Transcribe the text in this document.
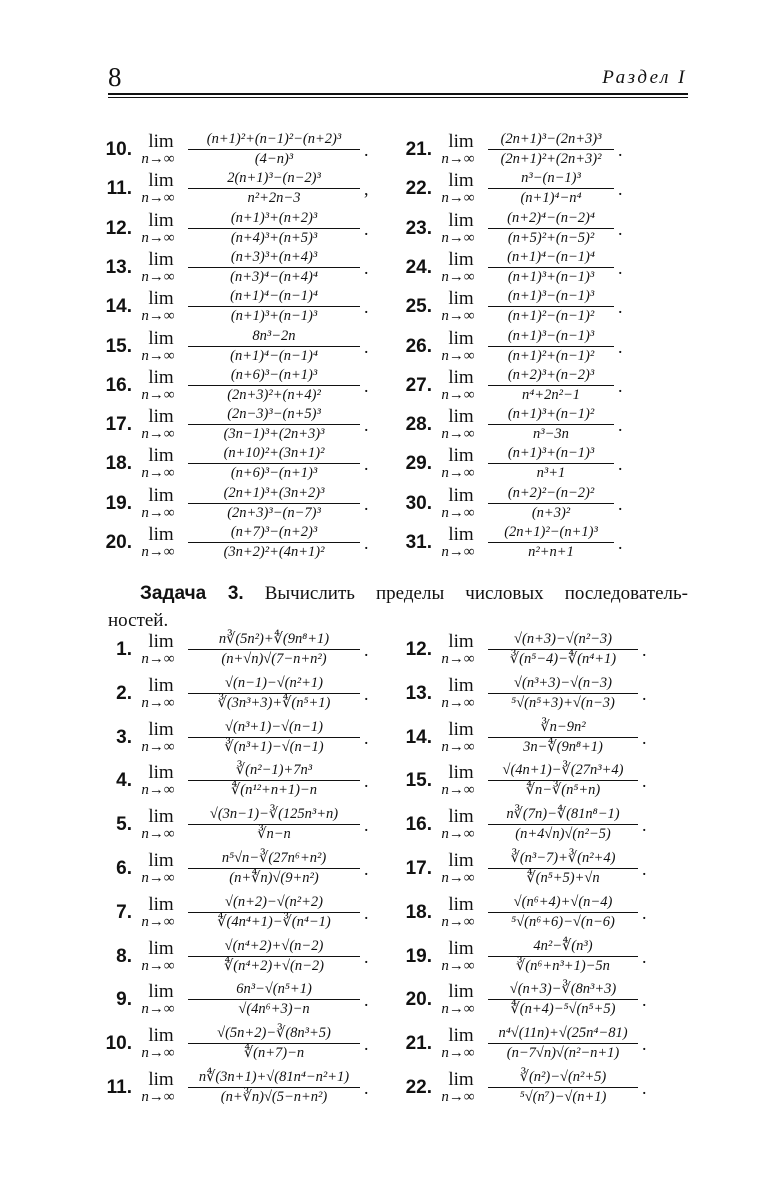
8	Раздел I
10. lim
$n\to\infty \frac{\text{(n+1)²+(n−1)²−(n+2)³}}{\text{(4−n)³}}$ .
11. lim
$n\to\infty \frac{\text{2(n+1)³−(n−2)³}}{\text{n²+2n−3}}$ ,
12. lim
$n\to\infty \frac{\text{(n+1)³+(n+2)³}}{\text{(n+4)³+(n+5)³}}$ .
13. lim
$n\to\infty \frac{\text{(n+3)³+(n+4)³}}{\text{(n+3)⁴−(n+4)⁴}}$ .
14. lim
$n\to\infty \frac{\text{(n+1)⁴−(n−1)⁴}}{\text{(n+1)³+(n−1)³}}$ .
15. lim
$n\to\infty \frac{\text{8n³−2n}}{\text{(n+1)⁴−(n−1)⁴}}$ .
16. lim
$n\to\infty \frac{\text{(n+6)³−(n+1)³}}{\text{(2n+3)²+(n+4)²}}$ .
17. lim
$n\to\infty \frac{\text{(2n−3)³−(n+5)³}}{\text{(3n−1)³+(2n+3)³}}$ .
18. lim
$n\to\infty \frac{\text{(n+10)²+(3n+1)²}}{\text{(n+6)³−(n+1)³}}$ .
19. lim
$n\to\infty \frac{\text{(2n+1)³+(3n+2)³}}{\text{(2n+3)³−(n−7)³}}$ .
20. lim
$n\to\infty \frac{\text{(n+7)³−(n+2)³}}{\text{(3n+2)²+(4n+1)²}}$ .
21. lim
$n\to\infty \frac{\text{(2n+1)³−(2n+3)³}}{\text{(2n+1)²+(2n+3)²}}$ .
22. lim
$n\to\infty \frac{\text{n³−(n−1)³}}{\text{(n+1)⁴−n⁴}}$ .
23. lim
$n\to\infty \frac{\text{(n+2)⁴−(n−2)⁴}}{\text{(n+5)²+(n−5)²}}$ .
24. lim
$n\to\infty \frac{\text{(n+1)⁴−(n−1)⁴}}{\text{(n+1)³+(n−1)³}}$ .
25. lim
$n\to\infty \frac{\text{(n+1)³−(n−1)³}}{\text{(n+1)²−(n−1)²}}$ .
26. lim
$n\to\infty \frac{\text{(n+1)³−(n−1)³}}{\text{(n+1)²+(n−1)²}}$ .
27. lim
$n\to\infty \frac{\text{(n+2)³+(n−2)³}}{\text{n⁴+2n²−1}}$ .
28. lim
$n\to\infty \frac{\text{(n+1)³+(n−1)²}}{\text{n³−3n}}$ .
29. lim
$n\to\infty \frac{\text{(n+1)³+(n−1)³}}{\text{n³+1}}$ .
30. lim
$n\to\infty \frac{\text{(n+2)²−(n−2)²}}{\text{(n+3)²}}$ .
31. lim
$n\to\infty \frac{\text{(2n+1)²−(n+1)³}}{\text{n²+n+1}}$ .
Задача 3. Вычислить пределы числовых последователь-
ностей.
1. lim
$n\to\infty \frac{\text{n∛(5n²)+∜(9n⁸+1)}}{\text{(n+√n)√(7−n+n²)}}$ .
2. lim
$n\to\infty \frac{\text{√(n−1)−√(n²+1)}}{\text{∛(3n³+3)+∜(n⁵+1)}}$ .
3. lim
$n\to\infty \frac{\text{√(n³+1)−√(n−1)}}{\text{∛(n³+1)−√(n−1)}}$ .
4. lim
$n\to\infty \frac{\text{∛(n²−1)+7n³}}{\text{∜(n¹²+n+1)−n}}$ .
5. lim
$n\to\infty \frac{\text{√(3n−1)−∛(125n³+n)}}{∛n-n}$ .
6. lim
$n\to\infty \frac{\text{n⁵√n−∛(27n⁶+n²)}}{\text{(n+∜n)√(9+n²)}}$ .
7. lim
$n\to\infty \frac{\text{√(n+2)−√(n²+2)}}{\text{∜(4n⁴+1)−∛(n⁴−1)}}$ .
8. lim
$n\to\infty \frac{\text{√(n⁴+2)+√(n−2)}}{\text{∜(n⁴+2)+√(n−2)}}$ .
9. lim
$n\to\infty \frac{\text{6n³−√(n⁵+1)}}{\text{√(4n⁶+3)−n}}$ .
10. lim
$n\to\infty \frac{\text{√(5n+2)−∛(8n³+5)}}{∜(n+7)-n}$ .
11. lim
$n\to\infty \frac{\text{n∜(3n+1)+√(81n⁴−n²+1)}}{\text{(n+∛n)√(5−n+n²)}}$ .
12. lim
$n\to\infty \frac{\text{√(n+3)−√(n²−3)}}{\text{∛(n⁵−4)−∜(n⁴+1)}}$ .
13. lim
$n\to\infty \frac{\text{√(n³+3)−√(n−3)}}{\text{⁵√(n⁵+3)+√(n−3)}}$ .
14. lim
$n\to\infty \frac{\text{∛n−9n²}}{\text{3n−∜(9n⁸+1)}}$ .
15. lim
$n\to\infty \frac{\text{√(4n+1)−∛(27n³+4)}}{\text{∜n−∛(n⁵+n)}}$ .
16. lim
$n\to\infty \frac{\text{n∛(7n)−∜(81n⁸−1)}}{\text{(n+4√n)√(n²−5)}}$ .
17. lim
$n\to\infty \frac{\text{∛(n³−7)+∛(n²+4)}}{\text{∜(n⁵+5)+√n}}$ .
18. lim
$n\to\infty \frac{\text{√(n⁶+4)+√(n−4)}}{\text{⁵√(n⁶+6)−√(n−6)}}$ .
19. lim
$n\to\infty \frac{\text{4n²−∜(n³)}}{\text{∛(n⁶+n³+1)−5n}}$ .
20. lim
$n\to\infty \frac{\text{√(n+3)−∛(8n³+3)}}{\text{∜(n+4)−⁵√(n⁵+5)}}$ .
21. lim
$n\to\infty \frac{\text{n⁴√(11n)+√(25n⁴−81)}}{\text{(n−7√n)√(n²−n+1)}}$ .
22. lim
$n\to\infty \frac{\text{∛(n²)−√(n²+5)}}{\text{⁵√(n⁷)−√(n+1)}}$ .
